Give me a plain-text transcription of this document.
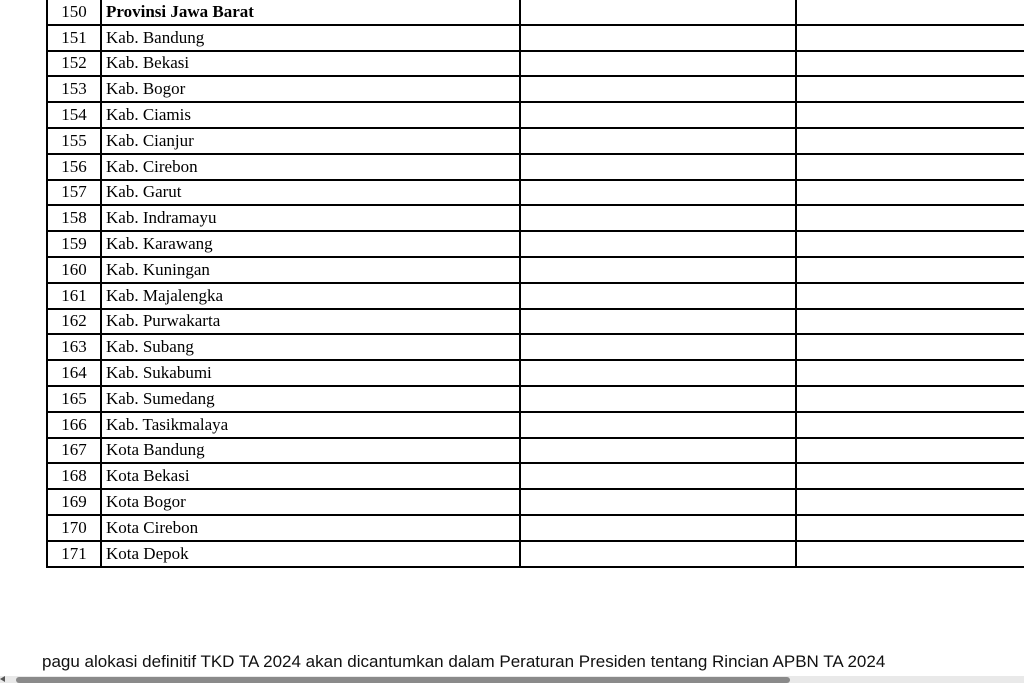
150	Provinsi Jawa Barat		
151	Kab. Bandung		
152	Kab. Bekasi		
153	Kab. Bogor		
154	Kab. Ciamis		
155	Kab. Cianjur		
156	Kab. Cirebon		
157	Kab. Garut		
158	Kab. Indramayu		
159	Kab. Karawang		
160	Kab. Kuningan		
161	Kab. Majalengka		
162	Kab. Purwakarta		
163	Kab. Subang		
164	Kab. Sukabumi		
165	Kab. Sumedang		
166	Kab. Tasikmalaya		
167	Kota Bandung		
168	Kota Bekasi		
169	Kota Bogor		
170	Kota Cirebon		
171	Kota Depok		
pagu alokasi definitif TKD TA 2024 akan dicantumkan dalam Peraturan Presiden tentang Rincian APBN TA 2024
